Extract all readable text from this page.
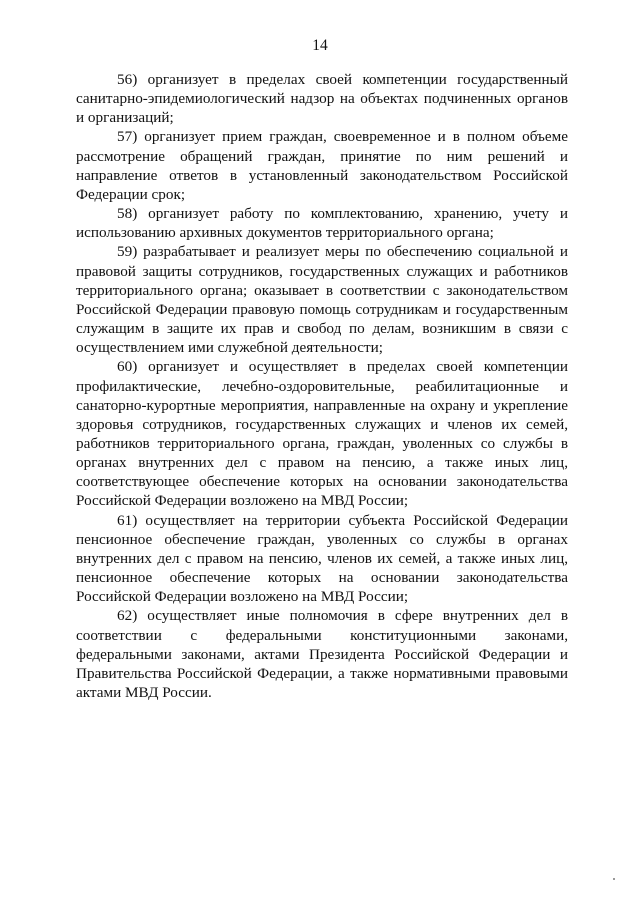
14

56) организует в пределах своей компетенции государственный санитарно-эпидемиологический надзор на объектах подчиненных органов и организаций;

57) организует прием граждан, своевременное и в полном объеме рассмотрение обращений граждан, принятие по ним решений и направление ответов в установленный законодательством Российской Федерации срок;

58) организует работу по комплектованию, хранению, учету и использованию архивных документов территориального органа;

59) разрабатывает и реализует меры по обеспечению социальной и правовой защиты сотрудников, государственных служащих и работников территориального органа; оказывает в соответствии с законодательством Российской Федерации правовую помощь сотрудникам и государственным служащим в защите их прав и свобод по делам, возникшим в связи с осуществлением ими служебной деятельности;

60) организует и осуществляет в пределах своей компетенции профилактические, лечебно-оздоровительные, реабилитационные и санаторно-курортные мероприятия, направленные на охрану и укрепление здоровья сотрудников, государственных служащих и членов их семей, работников территориального органа, граждан, уволенных со службы в органах внутренних дел с правом на пенсию, а также иных лиц, соответствующее обеспечение которых на основании законодательства Российской Федерации возложено на МВД России;

61) осуществляет на территории субъекта Российской Федерации пенсионное обеспечение граждан, уволенных со службы в органах внутренних дел с правом на пенсию, членов их семей, а также иных лиц, пенсионное обеспечение которых на основании законодательства Российской Федерации возложено на МВД России;

62) осуществляет иные полномочия в сфере внутренних дел в соответствии с федеральными конституционными законами, федеральными законами, актами Президента Российской Федерации и Правительства Российской Федерации, а также нормативными правовыми актами МВД России.
